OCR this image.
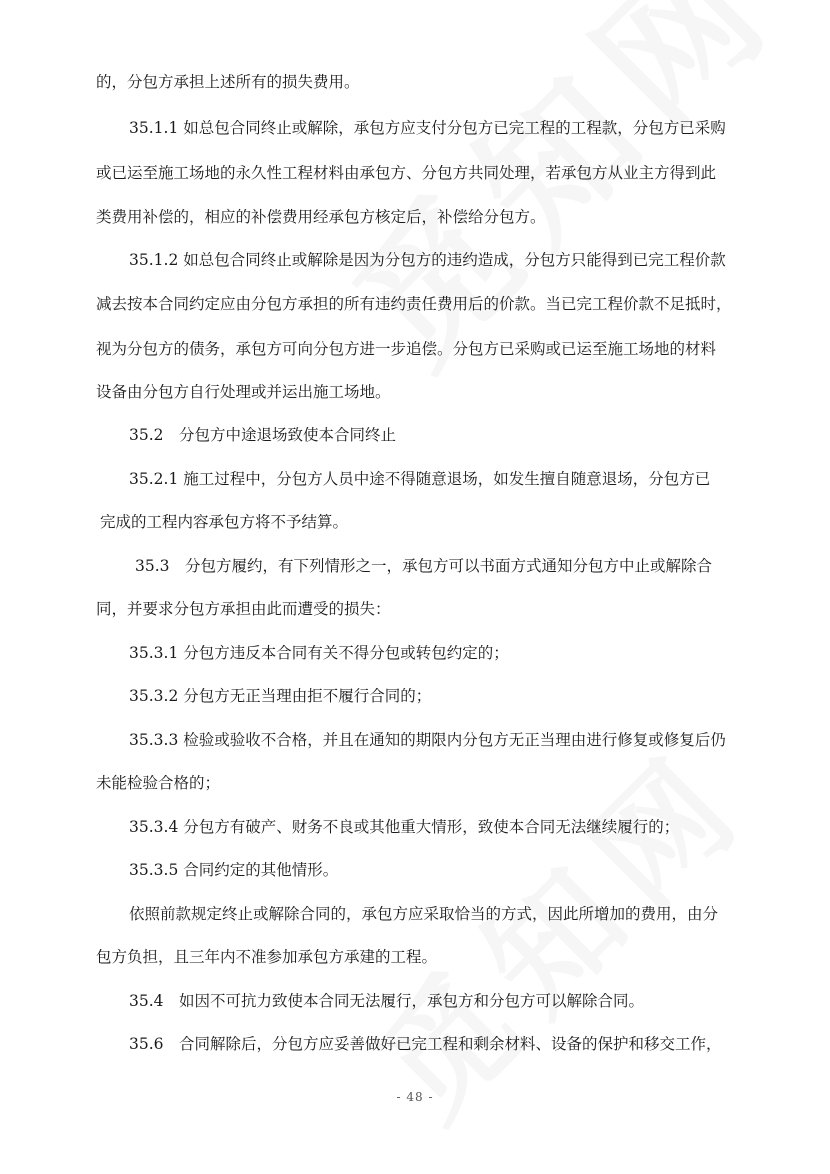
的，分包方承担上述所有的损失费用。
35.1.1 如总包合同终止或解除，承包方应支付分包方已完工程的工程款，分包方已采购
或已运至施工场地的永久性工程材料由承包方、分包方共同处理，若承包方从业主方得到此
类费用补偿的，相应的补偿费用经承包方核定后，补偿给分包方。
35.1.2 如总包合同终止或解除是因为分包方的违约造成，分包方只能得到已完工程价款
减去按本合同约定应由分包方承担的所有违约责任费用后的价款。当已完工程价款不足抵时，
视为分包方的债务，承包方可向分包方进一步追偿。分包方已采购或已运至施工场地的材料
设备由分包方自行处理或并运出施工场地。
35.2　分包方中途退场致使本合同终止
35.2.1 施工过程中，分包方人员中途不得随意退场，如发生擅自随意退场，分包方已
完成的工程内容承包方将不予结算。
35.3　分包方履约，有下列情形之一，承包方可以书面方式通知分包方中止或解除合
同，并要求分包方承担由此而遭受的损失：
35.3.1 分包方违反本合同有关不得分包或转包约定的；
35.3.2 分包方无正当理由拒不履行合同的；
35.3.3 检验或验收不合格，并且在通知的期限内分包方无正当理由进行修复或修复后仍
未能检验合格的；
35.3.4 分包方有破产、财务不良或其他重大情形，致使本合同无法继续履行的；
35.3.5 合同约定的其他情形。
依照前款规定终止或解除合同的，承包方应采取恰当的方式，因此所增加的费用，由分
包方负担，且三年内不准参加承包方承建的工程。
35.4　如因不可抗力致使本合同无法履行，承包方和分包方可以解除合同。
35.6　合同解除后，分包方应妥善做好已完工程和剩余材料、设备的保护和移交工作，
- 48 -
